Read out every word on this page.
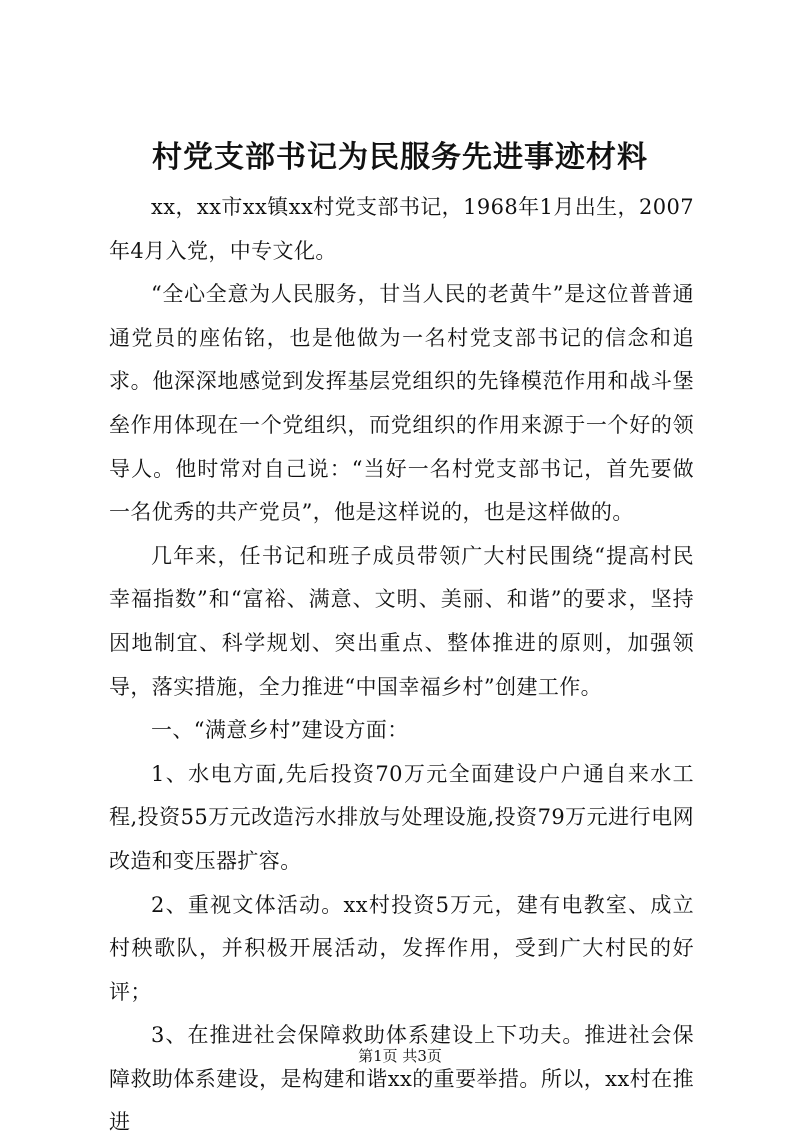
村党支部书记为民服务先进事迹材料

xx，xx市xx镇xx村党支部书记，1968年1月出生，2007年4月入党，中专文化。

“全心全意为人民服务，甘当人民的老黄牛”是这位普普通通党员的座佑铭，也是他做为一名村党支部书记的信念和追求。他深深地感觉到发挥基层党组织的先锋模范作用和战斗堡垒作用体现在一个党组织，而党组织的作用来源于一个好的领导人。他时常对自己说：“当好一名村党支部书记，首先要做一名优秀的共产党员”，他是这样说的，也是这样做的。

几年来，任书记和班子成员带领广大村民围绕“提高村民幸福指数”和“富裕、满意、文明、美丽、和谐”的要求，坚持因地制宜、科学规划、突出重点、整体推进的原则，加强领导，落实措施，全力推进“中国幸福乡村”创建工作。

一、“满意乡村”建设方面：

1、水电方面,先后投资70万元全面建设户户通自来水工程,投资55万元改造污水排放与处理设施,投资79万元进行电网改造和变压器扩容。

2、重视文体活动。xx村投资5万元，建有电教室、成立村秧歌队，并积极开展活动，发挥作用，受到广大村民的好评；

3、在推进社会保障救助体系建设上下功夫。推进社会保障救助体系建设，是构建和谐xx的重要举措。所以，xx村在推进

第1页 共3页
